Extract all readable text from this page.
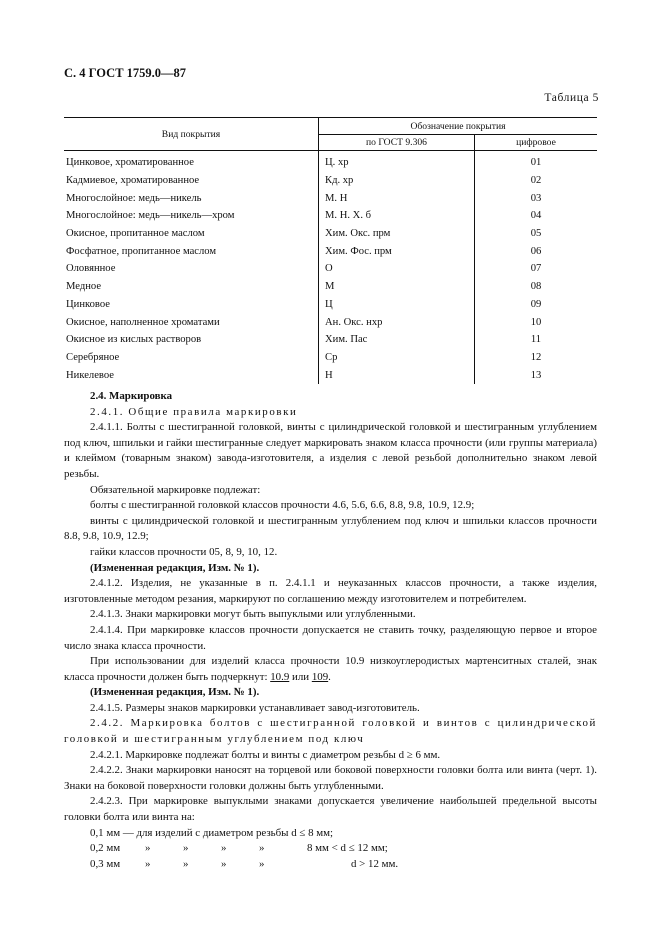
С. 4 ГОСТ 1759.0—87
Таблица 5
Вид покрытия	Обозначение покрытия	
	по ГОСТ 9.306	цифровое
Цинковое, хроматированное	Ц. хр	01
Кадмиевое, хроматированное	Кд. хр	02
Многослойное: медь—никель	М. Н	03
Многослойное: медь—никель—хром	М. Н. Х. б	04
Окисное, пропитанное маслом	Хим. Окс. прм	05
Фосфатное, пропитанное маслом	Хим. Фос. прм	06
Оловянное	О	07
Медное	М	08
Цинковое	Ц	09
Окисное, наполненное хроматами	Ан. Окс. нхр	10
Окисное из кислых растворов	Хим. Пас	11
Серебряное	Ср	12
Никелевое	Н	13

2.4. Маркировка

2.4.1. Общие правила маркировки

2.4.1.1. Болты с шестигранной головкой, винты с цилиндрической головкой и шестигранным углублением под ключ, шпильки и гайки шестигранные следует маркировать знаком класса прочности (или группы материала) и клеймом (товарным знаком) завода-изготовителя, а изделия с левой резьбой дополнительно знаком левой резьбы.

Обязательной маркировке подлежат:

болты с шестигранной головкой классов прочности 4.6, 5.6, 6.6, 8.8, 9.8, 10.9, 12.9;

винты с цилиндрической головкой и шестигранным углублением под ключ и шпильки классов прочности 8.8, 9.8, 10.9, 12.9;

гайки классов прочности 05, 8, 9, 10, 12.

(Измененная редакция, Изм. № 1).

2.4.1.2. Изделия, не указанные в п. 2.4.1.1 и неуказанных классов прочности, а также изделия, изготовленные методом резания, маркируют по соглашению между изготовителем и потребителем.

2.4.1.3. Знаки маркировки могут быть выпуклыми или углубленными.

2.4.1.4. При маркировке классов прочности допускается не ставить точку, разделяющую первое и второе число знака класса прочности.

При использовании для изделий класса прочности 10.9 низкоуглеродистых мартенситных сталей, знак класса прочности должен быть подчеркнут: 10.9 или 109.

(Измененная редакция, Изм. № 1).

2.4.1.5. Размеры знаков маркировки устанавливает завод-изготовитель.

2.4.2. Маркировка болтов с шестигранной головкой и винтов с цилиндрической головкой и шестигранным углублением под ключ

2.4.2.1. Маркировке подлежат болты и винты с диаметром резьбы d ≥ 6 мм.

2.4.2.2. Знаки маркировки наносят на торцевой или боковой поверхности головки болта или винта (черт. 1). Знаки на боковой поверхности головки должны быть углубленными.

2.4.2.3. При маркировке выпуклыми знаками допускается увеличение наибольшей предельной высоты головки болта или винта на:

0,1 мм — для изделий с диаметром резьбы d ≤ 8 мм;

0,2 мм	»	»	»	»	8 мм < d ≤ 12 мм;
0,3 мм	»	»	»	»	d > 12 мм.
